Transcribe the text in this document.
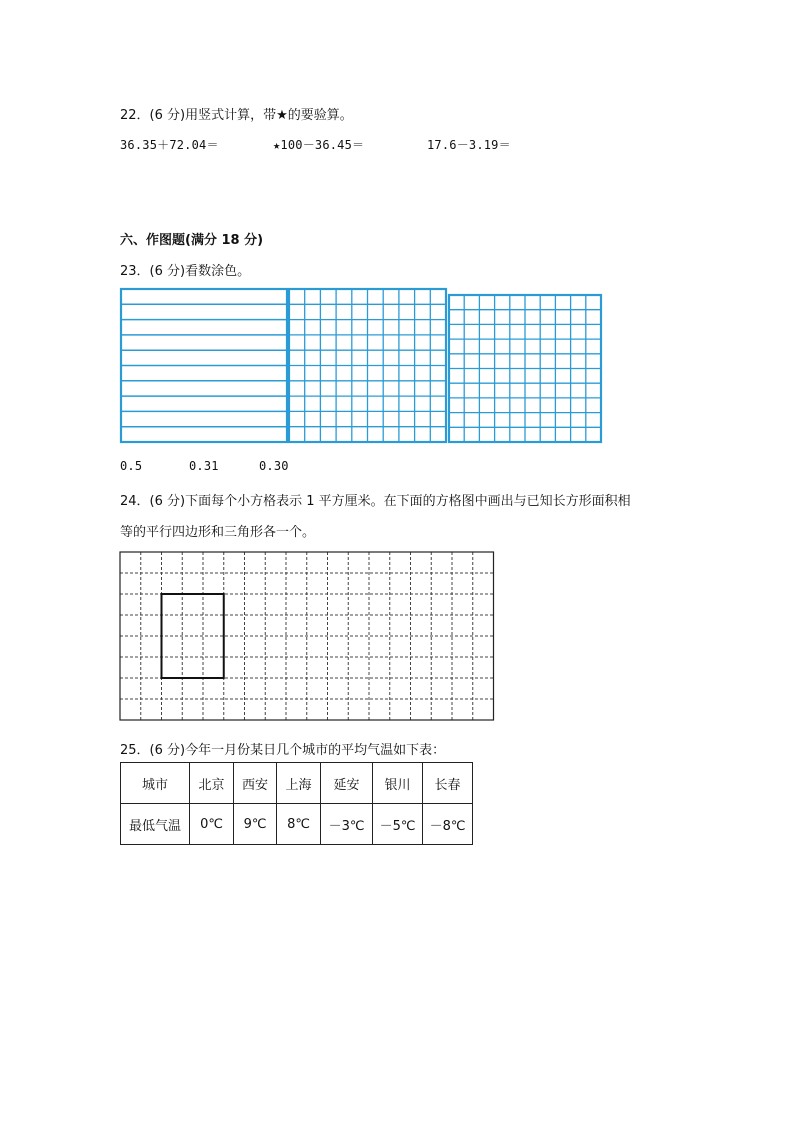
22．(6 分)用竖式计算，带★的要验算。
36.35＋72.04＝	★100－36.45＝	17.6－3.19＝
六、作图题(满分 18 分)
23．(6 分)看数涂色。
0.5	0.31	0.30
24．(6 分)下面每个小方格表示 1 平方厘米。在下面的方格图中画出与已知长方形面积相
等的平行四边形和三角形各一个。
25．(6 分)今年一月份某日几个城市的平均气温如下表：
城市	北京	西安	上海	延安	银川	长春
最低气温	0℃	9℃	8℃	－3℃	－5℃	－8℃
